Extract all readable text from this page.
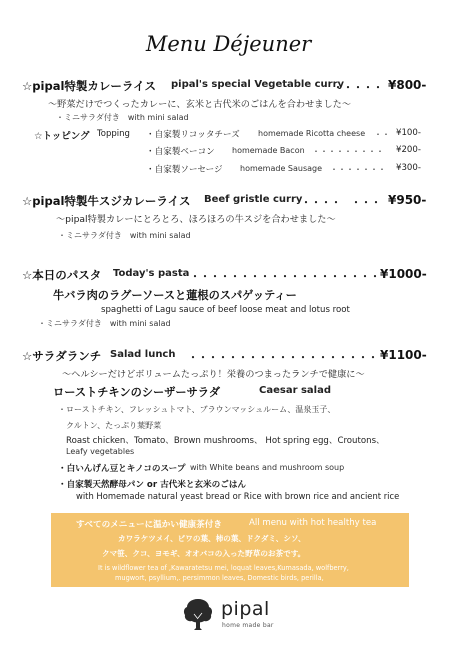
Menu Déjeuner
☆pipal特製カレーライス pipal's special Vegetable curry
・・・・・ ¥800-
～野菜だけでつくったカレーに、玄米と古代米のごはんを合わせました～
・ミニサラダ付き　with mini salad
☆トッピング Topping ・自家製リコッタチーズ homemade Ricotta cheese ・・ ¥100-
・自家製ベーコン homemade Bacon ・・・・・・・・・ ¥200-
・自家製ソーセージ homemade Sausage ・・・・・・・ ¥300-
☆pipal特製牛スジカレーライス Beef gristle curry
・・・・　・・・ ¥950-
～pipal特製カレーにとろとろ、ほろほろの牛スジを合わせました～
・ミニサラダ付き　with mini salad
☆本日のパスタ Today's pasta ・・・・・・・・・・・・・・・・・・・ ¥1000-
牛バラ肉のラグーソースと蓮根のスパゲッティー
spaghetti of Lagu sauce of beef loose meat and lotus root
・ミニサラダ付き　with mini salad
☆サラダランチ Salad lunch ・・・・・・・・・・・・・・・・・・・ ¥1100-
～ヘルシーだけどボリュームたっぷり！栄養のつまったランチで健康に～
ローストチキンのシーザーサラダ	Caesar salad
・ローストチキン、フレッシュトマト、ブラウンマッシュルーム、温泉玉子、
クルトン、たっぷり葉野菜
Roast chicken、Tomato、Brown mushrooms、 Hot spring egg、Croutons、
Leafy vegetables
・白いんげん豆とキノコのスープ with White beans and mushroom soup
・自家製天然酵母パン or 古代米と玄米のごはん
with Homemade natural yeast bread or Rice with brown rice and ancient rice
すべてのメニューに温かい健康茶付き	All menu with hot healthy tea
カワラケツメイ、ビワの葉、柿の葉、ドクダミ、シソ、
クマ笹、クコ、ヨモギ、オオバコの入った野草のお茶です。
It is wildflower tea of ,Kawaratetsu mei, loquat leaves,Kumasada, wolfberry,
mugwort, psyllium,. persimmon leaves, Domestic birds, perilla,
pipal
home made bar
